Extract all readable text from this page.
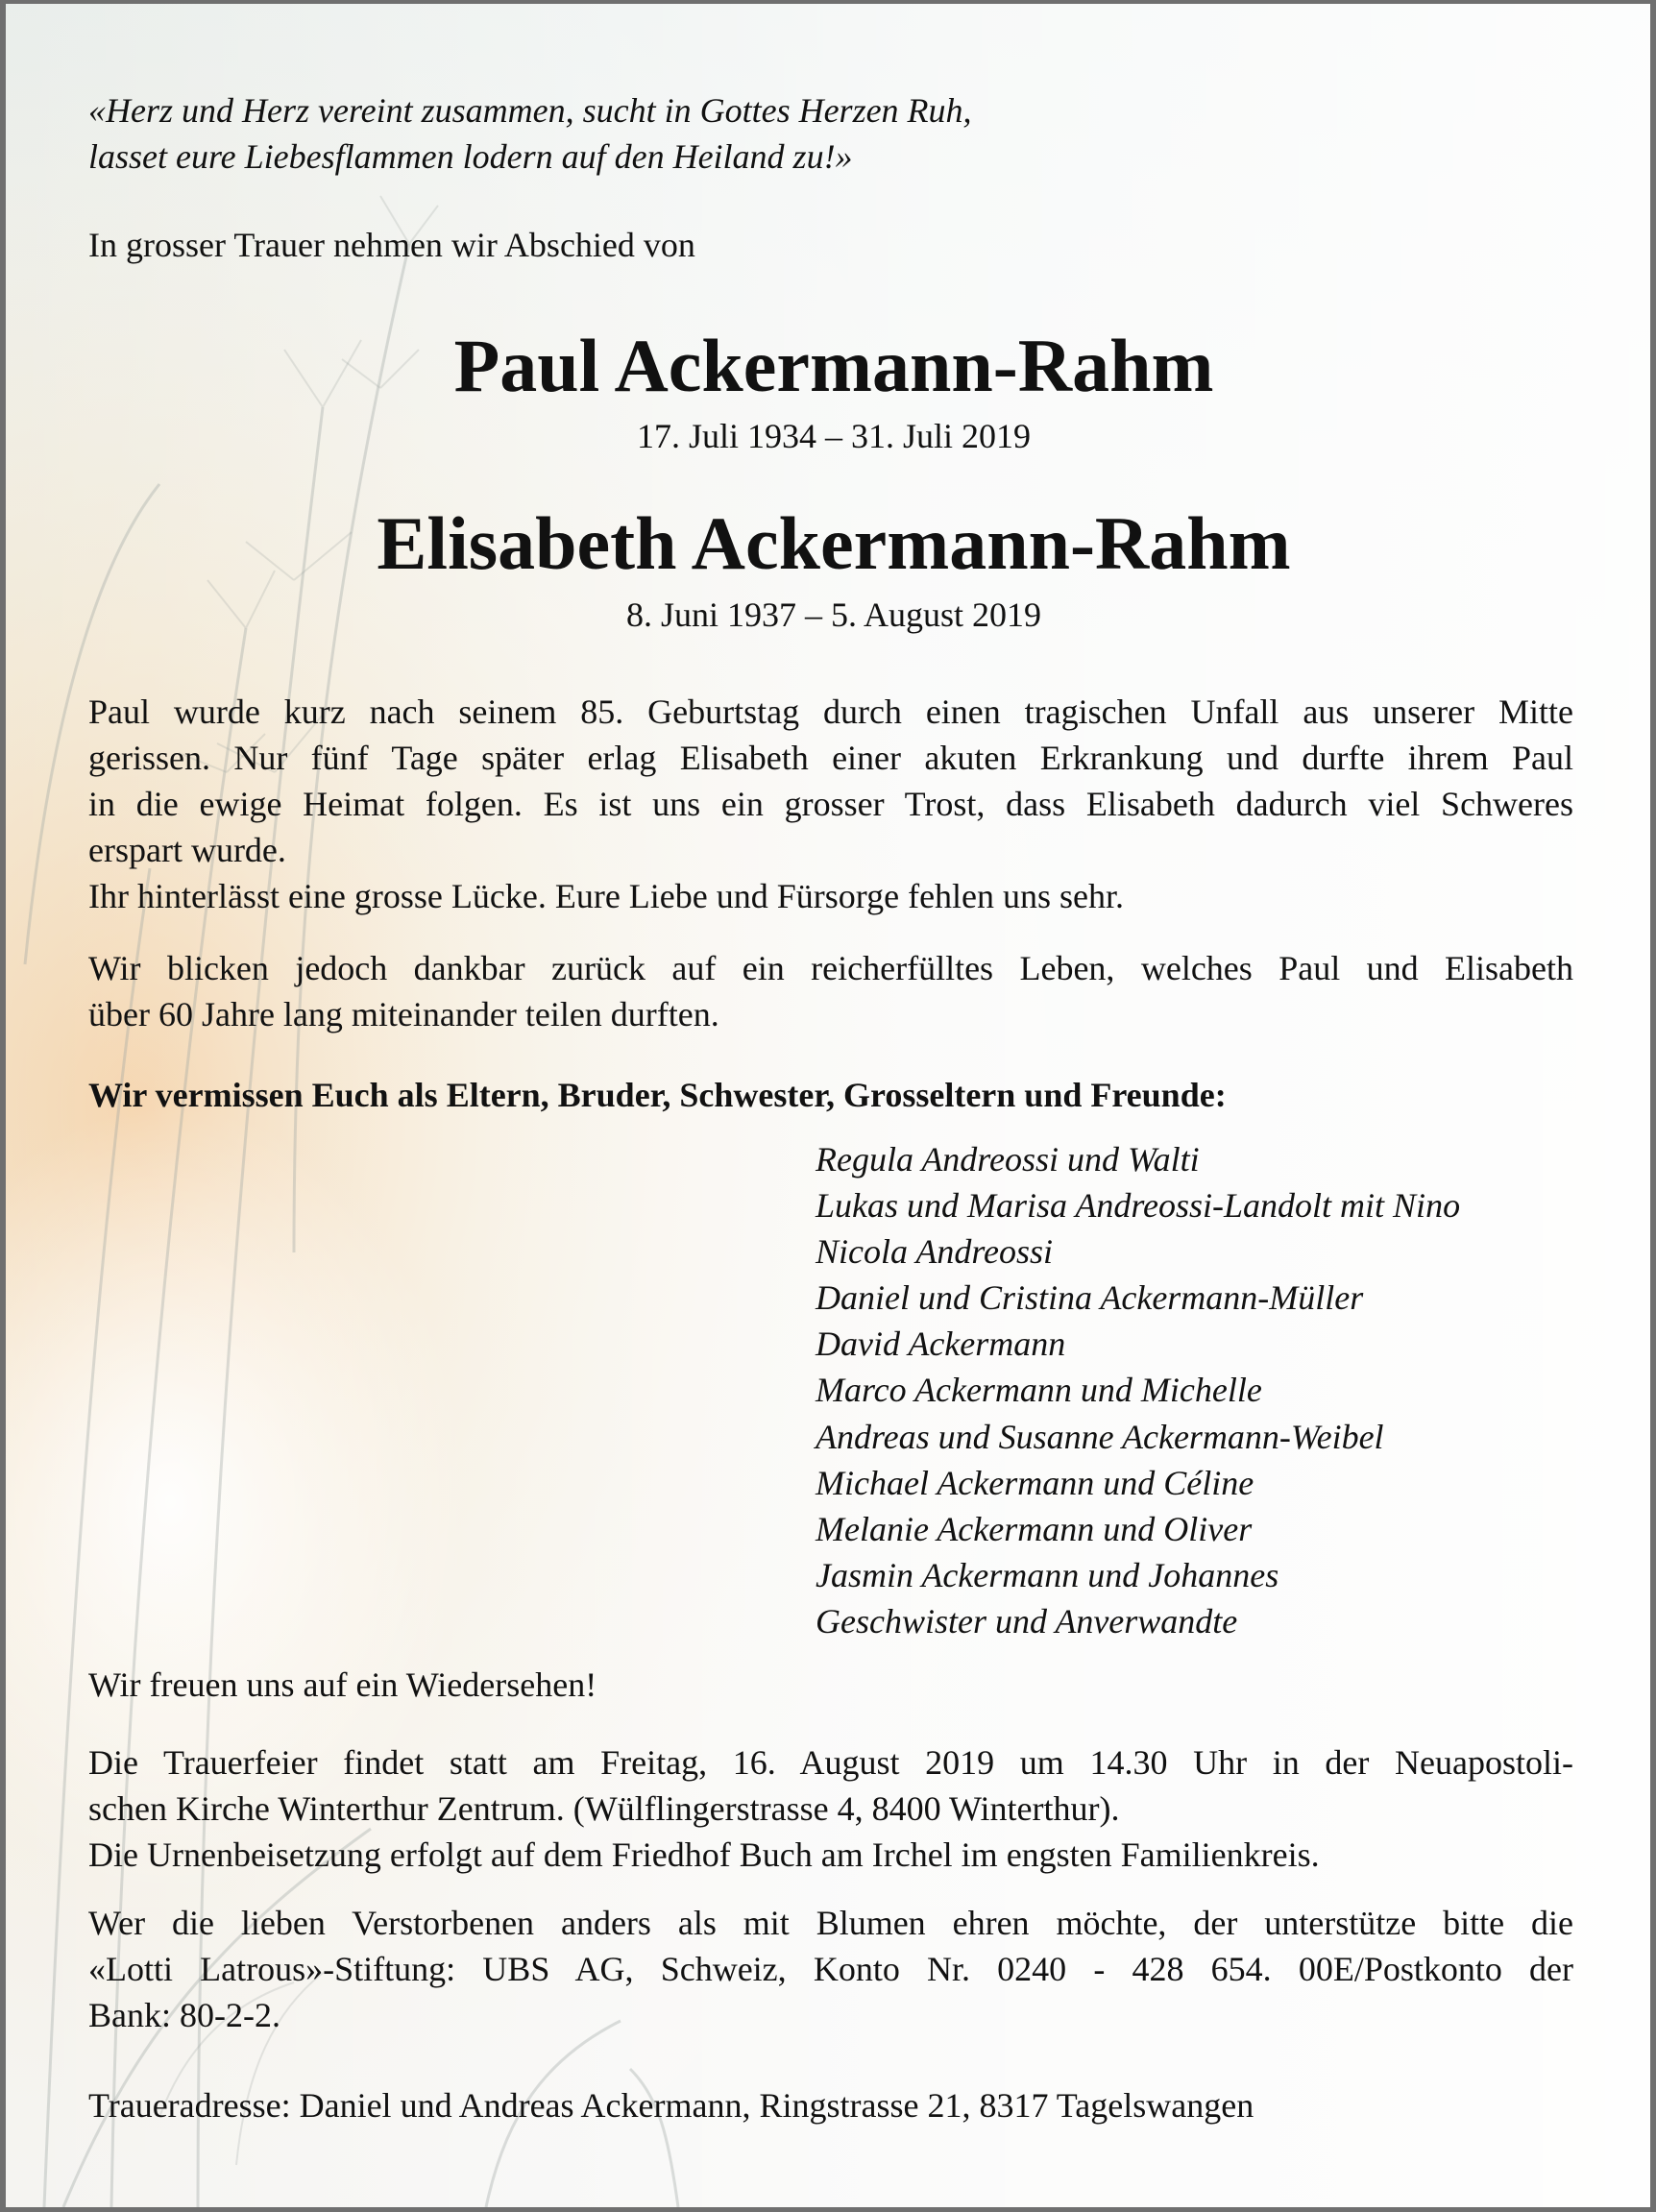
«Herz und Herz vereint zusammen, sucht in Gottes Herzen Ruh,
lasset eure Liebesflammen lodern auf den Heiland zu!»
In grosser Trauer nehmen wir Abschied von
Paul Ackermann-Rahm
17. Juli 1934 – 31. Juli 2019
Elisabeth Ackermann-Rahm
8. Juni 1937 – 5. August 2019
Paul wurde kurz nach seinem 85. Geburtstag durch einen tragischen Unfall aus unserer Mitte
gerissen. Nur fünf Tage später erlag Elisabeth einer akuten Erkrankung und durfte ihrem Paul
in die ewige Heimat folgen. Es ist uns ein grosser Trost, dass Elisabeth dadurch viel Schweres
erspart wurde.
Ihr hinterlässt eine grosse Lücke. Eure Liebe und Fürsorge fehlen uns sehr.
Wir blicken jedoch dankbar zurück auf ein reicherfülltes Leben, welches Paul und Elisabeth
über 60 Jahre lang miteinander teilen durften.
Wir vermissen Euch als Eltern, Bruder, Schwester, Grosseltern und Freunde:
Regula Andreossi und Walti
Lukas und Marisa Andreossi-Landolt mit Nino
Nicola Andreossi
Daniel und Cristina Ackermann-Müller
David Ackermann
Marco Ackermann und Michelle
Andreas und Susanne Ackermann-Weibel
Michael Ackermann und Céline
Melanie Ackermann und Oliver
Jasmin Ackermann und Johannes
Geschwister und Anverwandte
Wir freuen uns auf ein Wiedersehen!
Die Trauerfeier findet statt am Freitag, 16. August 2019 um 14.30 Uhr in der Neuapostoli-
schen Kirche Winterthur Zentrum. (Wülflingerstrasse 4, 8400 Winterthur).
Die Urnenbeisetzung erfolgt auf dem Friedhof Buch am Irchel im engsten Familienkreis.
Wer die lieben Verstorbenen anders als mit Blumen ehren möchte, der unterstütze bitte die
«Lotti Latrous»-Stiftung: UBS AG, Schweiz, Konto Nr. 0240 - 428 654. 00E/Postkonto der
Bank: 80-2-2.
Traueradresse: Daniel und Andreas Ackermann, Ringstrasse 21, 8317 Tagelswangen
